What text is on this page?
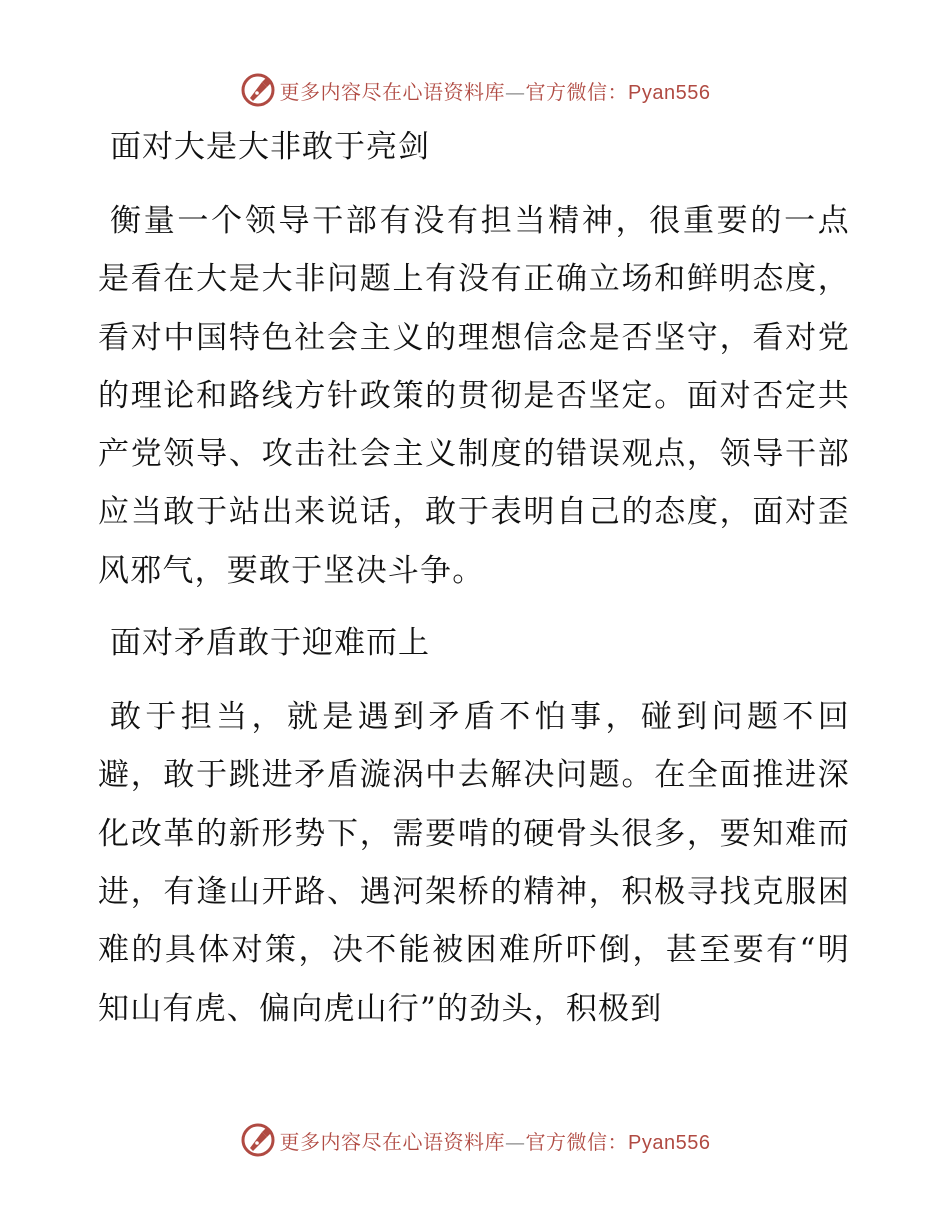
更多内容尽在心语资料库—官方微信：Pyan556
面对大是大非敢于亮剑

衡量一个领导干部有没有担当精神，很重要的一点是看在大是大非问题上有没有正确立场和鲜明态度，看对中国特色社会主义的理想信念是否坚守，看对党的理论和路线方针政策的贯彻是否坚定。面对否定共产党领导、攻击社会主义制度的错误观点，领导干部应当敢于站出来说话，敢于表明自己的态度，面对歪风邪气，要敢于坚决斗争。

面对矛盾敢于迎难而上

敢于担当，就是遇到矛盾不怕事，碰到问题不回避，敢于跳进矛盾漩涡中去解决问题。在全面推进深化改革的新形势下，需要啃的硬骨头很多，要知难而进，有逢山开路、遇河架桥的精神，积极寻找克服困难的具体对策，决不能被困难所吓倒，甚至要有“明知山有虎、偏向虎山行”的劲头，积极到

更多内容尽在心语资料库—官方微信：Pyan556
